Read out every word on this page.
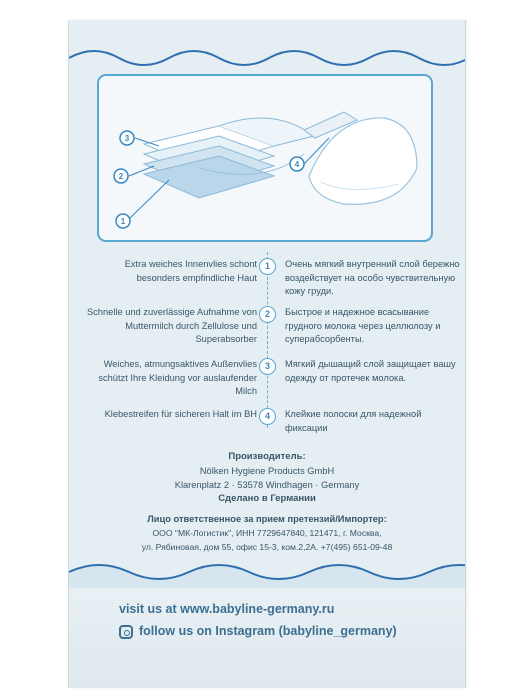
3
2
1
4
Extra weiches Innenvlies schont besonders empfindliche Haut
1	Очень мягкий внутренний слой бережно воздействует на особо чувствительную кожу груди.
Schnelle und zuverlässige Aufnahme von Muttermilch durch Zellulose und Superabsorber
2	Быстрое и надежное всасывание грудного молока через целлюлозу и суперабсорбенты.
Weiches, atmungsaktives Außenvlies schützt Ihre Kleidung vor auslaufender Milch
3	Мягкий дышащий слой защищает вашу одежду от протечек молока.
Klebestreifen für sicheren Halt im BH 4	Клейкие полоски для надежной фиксации
Производитель:
Nölken Hygiene Products GmbH
Klarenplatz 2 · 53578 Windhagen · Germany
Сделано в Германии
Лицо ответственное за прием претензий/Импортер:
ООО "МК-Логистик", ИНН 7729647840, 121471, г. Москва,
ул. Рябиновая, дом 55, офис 15-3, ком.2,2А. +7(495) 651-09-48
visit us at www.babyline-germany.ru
follow us on Instagram (babyline_germany)
